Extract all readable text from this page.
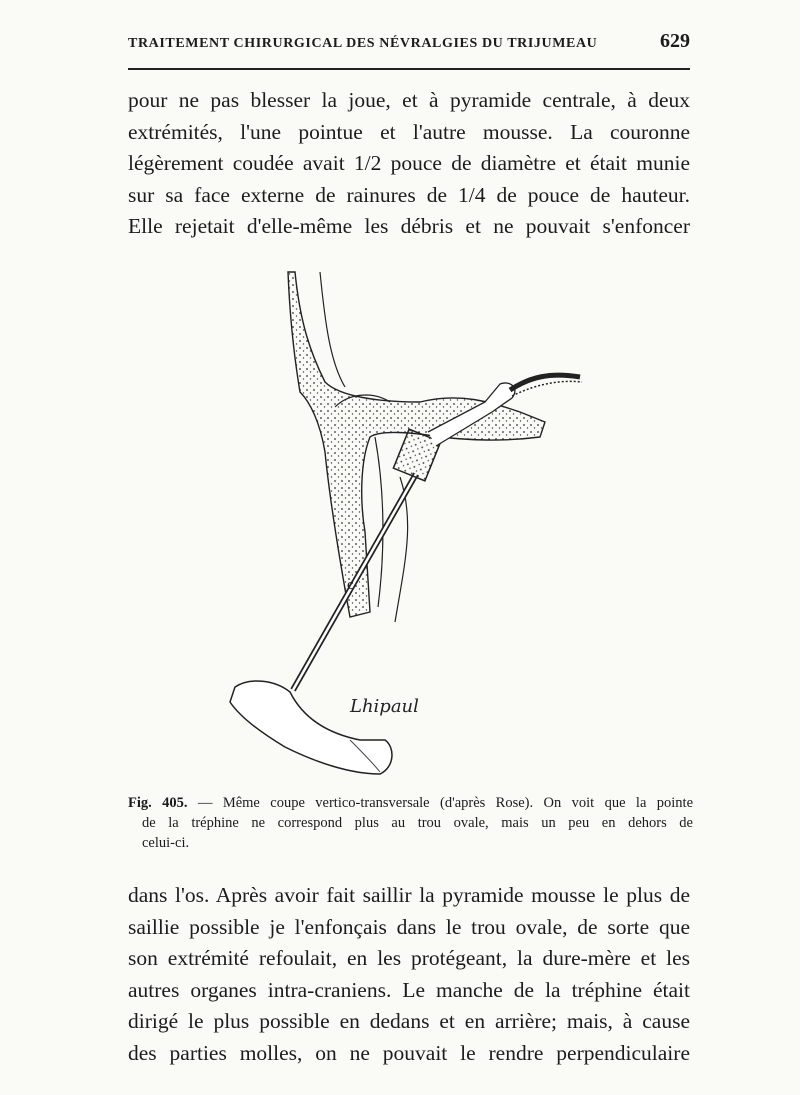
TRAITEMENT CHIRURGICAL DES NÉVRALGIES DU TRIJUMEAU	629
pour ne pas blesser la joue, et à pyramide centrale, à deux
extrémités, l'une pointue et l'autre mousse. La couronne
légèrement coudée avait 1/2 pouce de diamètre et était munie
sur sa face externe de rainures de 1/4 de pouce de hauteur.
Elle rejetait d'elle-même les débris et ne pouvait s'enfoncer
c
Lhipaul
Fig. 405. — Même coupe vertico-transversale (d'après Rose). On voit que la pointe
de la tréphine ne correspond plus au trou ovale, mais un peu en dehors de
celui-ci.
dans l'os. Après avoir fait saillir la pyramide mousse le plus de
saillie possible je l'enfonçais dans le trou ovale, de sorte que
son extrémité refoulait, en les protégeant, la dure-mère et les
autres organes intra-craniens. Le manche de la tréphine était
dirigé le plus possible en dedans et en arrière; mais, à cause
des parties molles, on ne pouvait le rendre perpendiculaire
